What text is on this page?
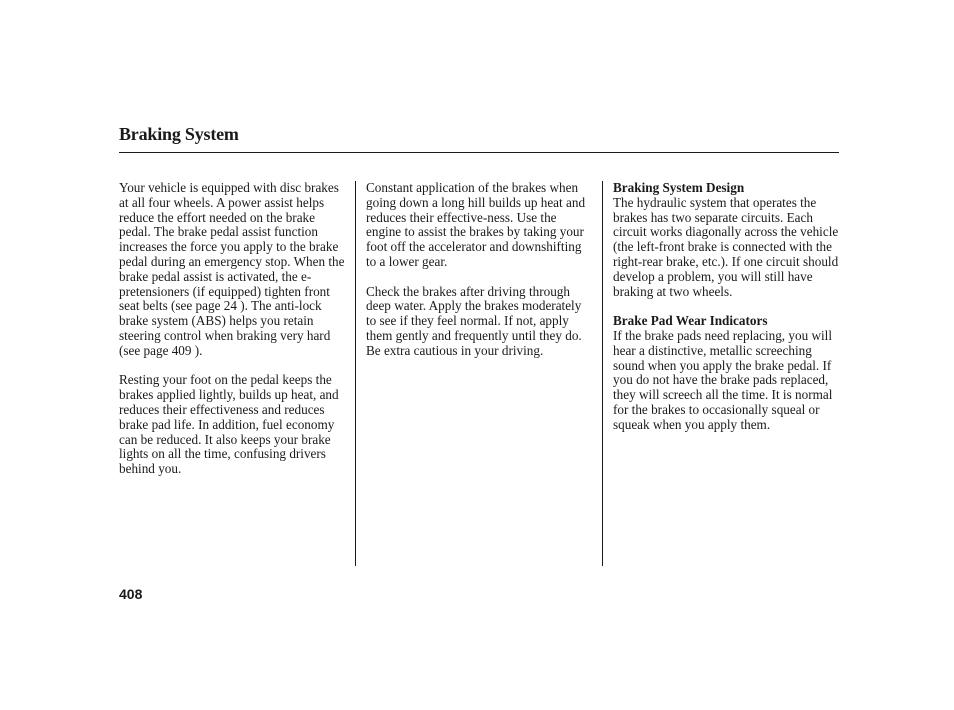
Braking System

Your vehicle is equipped with disc brakes at all four wheels. A power assist helps reduce the effort needed on the brake pedal. The brake pedal assist function increases the force you apply to the brake pedal during an emergency stop. When the brake pedal assist is activated, the e-pretensioners (if equipped) tighten front seat belts (see page 24 ). The anti-lock brake system (ABS) helps you retain steering control when braking very hard (see page 409 ).

Resting your foot on the pedal keeps the brakes applied lightly, builds up heat, and reduces their effectiveness and reduces brake pad life. In addition, fuel economy can be reduced. It also keeps your brake lights on all the time, confusing drivers behind you.

Constant application of the brakes when going down a long hill builds up heat and reduces their effective-ness. Use the engine to assist the brakes by taking your foot off the accelerator and downshifting to a lower gear.

Check the brakes after driving through deep water. Apply the brakes moderately to see if they feel normal. If not, apply them gently and frequently until they do. Be extra cautious in your driving.

Braking System Design

The hydraulic system that operates the brakes has two separate circuits. Each circuit works diagonally across the vehicle (the left-front brake is connected with the right-rear brake, etc.). If one circuit should develop a problem, you will still have braking at two wheels.

Brake Pad Wear Indicators

If the brake pads need replacing, you will hear a distinctive, metallic screeching sound when you apply the brake pedal. If you do not have the brake pads replaced, they will screech all the time. It is normal for the brakes to occasionally squeal or squeak when you apply them.

408
